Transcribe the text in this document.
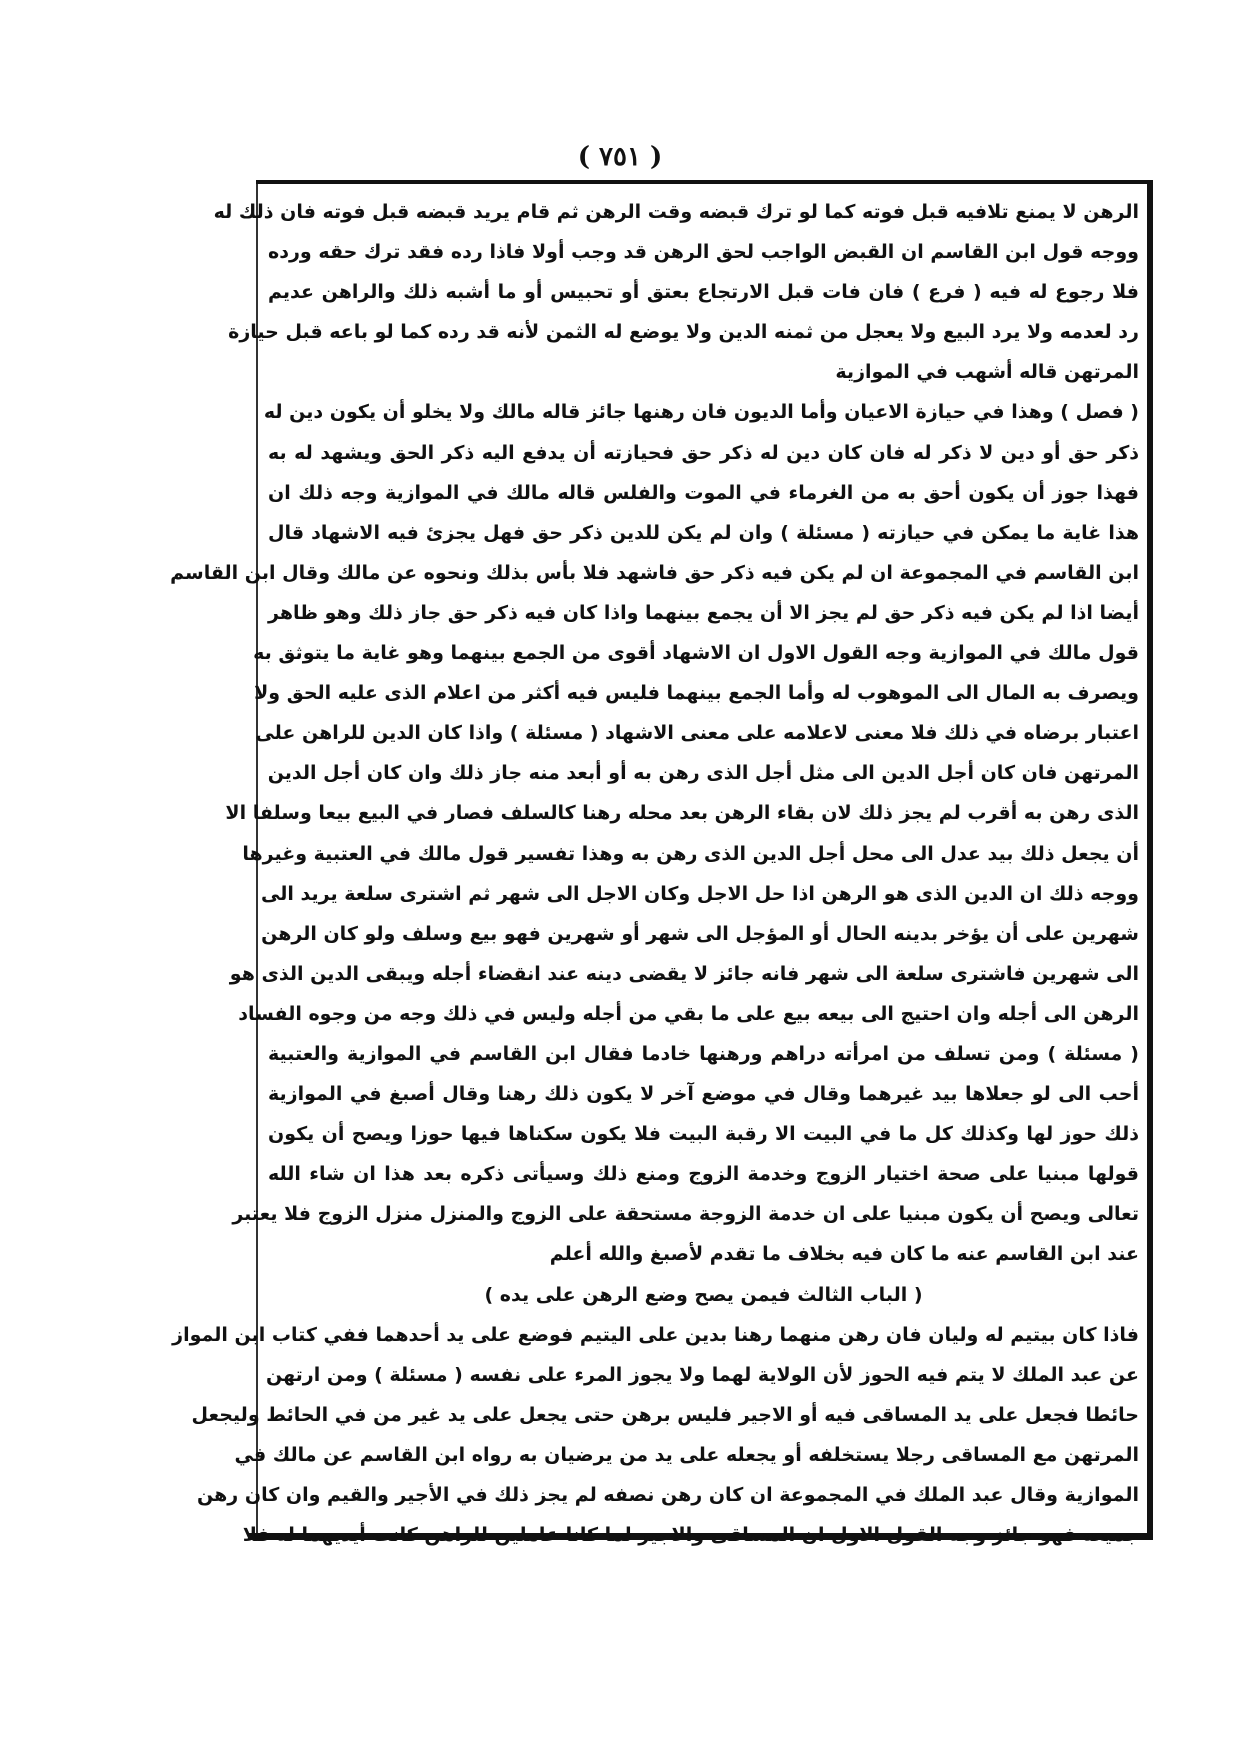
( ٧٥١ )
الرهن لا يمنع تلافيه قبل فوته كما لو ترك قبضه وقت الرهن ثم قام يريد قبضه قبل فوته فان ذلك له
ووجه قول ابن القاسم ان القبض الواجب لحق الرهن قد وجب أولا فاذا رده فقد ترك حقه ورده
فلا رجوع له فيه ( فرع ) فان فات قبل الارتجاع بعتق أو تحبيس أو ما أشبه ذلك والراهن عديم
رد لعدمه ولا يرد البيع ولا يعجل من ثمنه الدين ولا يوضع له الثمن لأنه قد رده كما لو باعه قبل حيازة
المرتهن قاله أشهب في الموازية
( فصل ) وهذا في حيازة الاعيان وأما الديون فان رهنها جائز قاله مالك ولا يخلو أن يكون دين له
ذكر حق أو دين لا ذكر له فان كان دين له ذكر حق فحيازته أن يدفع اليه ذكر الحق ويشهد له به
فهذا جوز أن يكون أحق به من الغرماء في الموت والفلس قاله مالك في الموازية وجه ذلك ان
هذا غاية ما يمكن في حيازته ( مسئلة ) وان لم يكن للدين ذكر حق فهل يجزئ فيه الاشهاد قال
ابن القاسم في المجموعة ان لم يكن فيه ذكر حق فاشهد فلا بأس بذلك ونحوه عن مالك وقال ابن القاسم
أيضا اذا لم يكن فيه ذكر حق لم يجز الا أن يجمع بينهما واذا كان فيه ذكر حق جاز ذلك وهو ظاهر
قول مالك في الموازية وجه القول الاول ان الاشهاد أقوى من الجمع بينهما وهو غاية ما يتوثق به
ويصرف به المال الى الموهوب له وأما الجمع بينهما فليس فيه أكثر من اعلام الذى عليه الحق ولا
اعتبار برضاه في ذلك فلا معنى لاعلامه على معنى الاشهاد ( مسئلة ) واذا كان الدين للراهن على
المرتهن فان كان أجل الدين الى مثل أجل الذى رهن به أو أبعد منه جاز ذلك وان كان أجل الدين
الذى رهن به أقرب لم يجز ذلك لان بقاء الرهن بعد محله رهنا كالسلف فصار في البيع بيعا وسلفا الا
أن يجعل ذلك بيد عدل الى محل أجل الدين الذى رهن به وهذا تفسير قول مالك في العتبية وغيرها
ووجه ذلك ان الدين الذى هو الرهن اذا حل الاجل وكان الاجل الى شهر ثم اشترى سلعة يريد الى
شهرين على أن يؤخر بدينه الحال أو المؤجل الى شهر أو شهرين فهو بيع وسلف ولو كان الرهن
الى شهرين فاشترى سلعة الى شهر فانه جائز لا يقضى دينه عند انقضاء أجله ويبقى الدين الذى هو
الرهن الى أجله وان احتيج الى بيعه بيع على ما بقي من أجله وليس في ذلك وجه من وجوه الفساد
( مسئلة ) ومن تسلف من امرأته دراهم ورهنها خادما فقال ابن القاسم في الموازية والعتبية
أحب الى لو جعلاها بيد غيرهما وقال في موضع آخر لا يكون ذلك رهنا وقال أصبغ في الموازية
ذلك حوز لها وكذلك كل ما في البيت الا رقبة البيت فلا يكون سكناها فيها حوزا ويصح أن يكون
قولها مبنيا على صحة اختيار الزوج وخدمة الزوج ومنع ذلك وسيأتى ذكره بعد هذا ان شاء الله
تعالى ويصح أن يكون مبنيا على ان خدمة الزوجة مستحقة على الزوج والمنزل منزل الزوج فلا يعتبر
عند ابن القاسم عنه ما كان فيه بخلاف ما تقدم لأصبغ والله أعلم
( الباب الثالث فيمن يصح وضع الرهن على يده )
فاذا كان بيتيم له وليان فان رهن منهما رهنا بدين على اليتيم فوضع على يد أحدهما ففي كتاب ابن المواز
عن عبد الملك لا يتم فيه الحوز لأن الولاية لهما ولا يجوز المرء على نفسه ( مسئلة ) ومن ارتهن
حائطا فجعل على يد المساقى فيه أو الاجير فليس برهن حتى يجعل على يد غير من في الحائط وليجعل
المرتهن مع المساقى رجلا يستخلفه أو يجعله على يد من يرضيان به رواه ابن القاسم عن مالك في
الموازية وقال عبد الملك في المجموعة ان كان رهن نصفه لم يجز ذلك في الأجير والقيم وان كان رهن
جميعه فهو جائز وجه القول الاول ان المساقى والاجير لما كانا عاملين للراهن كانت أيديهما له فلا
